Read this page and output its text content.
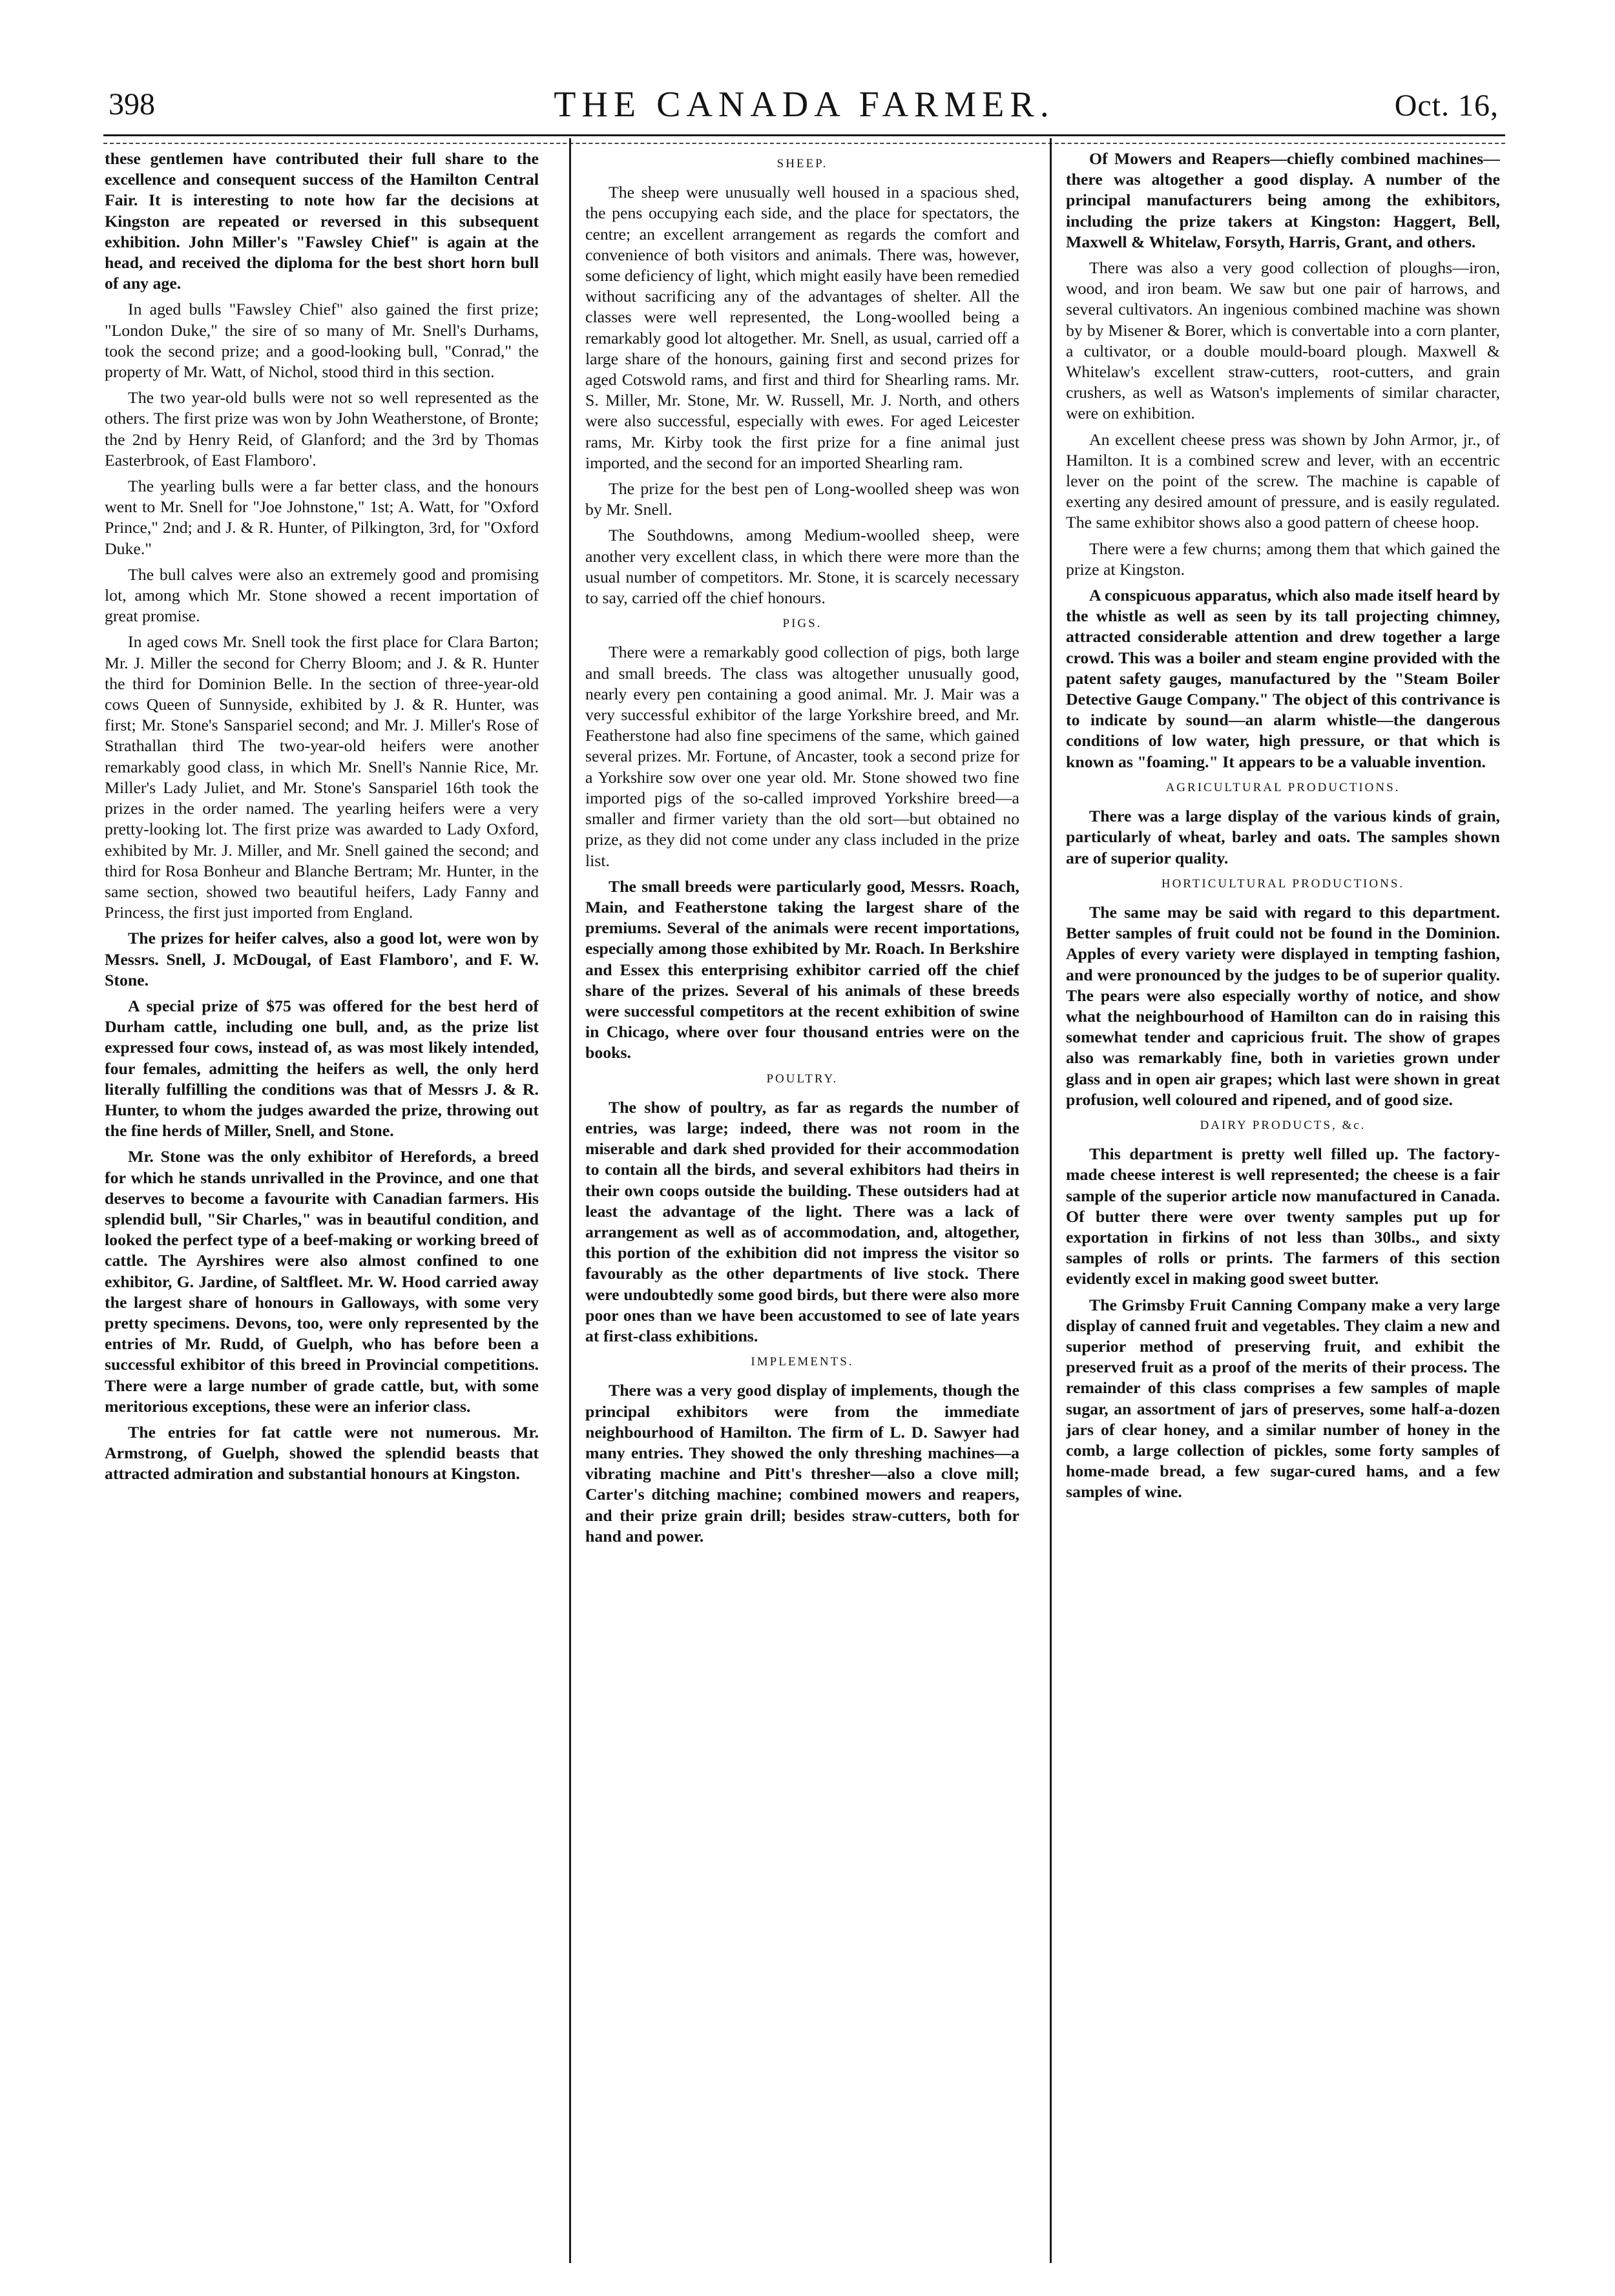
398	THE CANADA FARMER.	Oct. 16,

these gentlemen have contributed their full share to the excellence and consequent success of the Hamilton Central Fair. It is interesting to note how far the decisions at Kingston are repeated or reversed in this subsequent exhibition. John Miller's "Fawsley Chief" is again at the head, and received the diploma for the best short horn bull of any age.

In aged bulls "Fawsley Chief" also gained the first prize; "London Duke," the sire of so many of Mr. Snell's Durhams, took the second prize; and a good-looking bull, "Conrad," the property of Mr. Watt, of Nichol, stood third in this section.

The two year-old bulls were not so well represented as the others. The first prize was won by John Weatherstone, of Bronte; the 2nd by Henry Reid, of Glanford; and the 3rd by Thomas Easterbrook, of East Flamboro'.

The yearling bulls were a far better class, and the honours went to Mr. Snell for "Joe Johnstone," 1st; A. Watt, for "Oxford Prince," 2nd; and J. & R. Hunter, of Pilkington, 3rd, for "Oxford Duke."

The bull calves were also an extremely good and promising lot, among which Mr. Stone showed a recent importation of great promise.

In aged cows Mr. Snell took the first place for Clara Barton; Mr. J. Miller the second for Cherry Bloom; and J. & R. Hunter the third for Dominion Belle. In the section of three-year-old cows Queen of Sunnyside, exhibited by J. & R. Hunter, was first; Mr. Stone's Sanspariel second; and Mr. J. Miller's Rose of Strathallan third The two-year-old heifers were another remarkably good class, in which Mr. Snell's Nannie Rice, Mr. Miller's Lady Juliet, and Mr. Stone's Sanspariel 16th took the prizes in the order named. The yearling heifers were a very pretty-looking lot. The first prize was awarded to Lady Oxford, exhibited by Mr. J. Miller, and Mr. Snell gained the second; and third for Rosa Bonheur and Blanche Bertram; Mr. Hunter, in the same section, showed two beautiful heifers, Lady Fanny and Princess, the first just imported from England.

The prizes for heifer calves, also a good lot, were won by Messrs. Snell, J. McDougal, of East Flamboro', and F. W. Stone.

A special prize of $75 was offered for the best herd of Durham cattle, including one bull, and, as the prize list expressed four cows, instead of, as was most likely intended, four females, admitting the heifers as well, the only herd literally fulfilling the conditions was that of Messrs J. & R. Hunter, to whom the judges awarded the prize, throwing out the fine herds of Miller, Snell, and Stone.

Mr. Stone was the only exhibitor of Herefords, a breed for which he stands unrivalled in the Province, and one that deserves to become a favourite with Canadian farmers. His splendid bull, "Sir Charles," was in beautiful condition, and looked the perfect type of a beef-making or working breed of cattle. The Ayrshires were also almost confined to one exhibitor, G. Jardine, of Saltfleet. Mr. W. Hood carried away the largest share of honours in Galloways, with some very pretty specimens. Devons, too, were only represented by the entries of Mr. Rudd, of Guelph, who has before been a successful exhibitor of this breed in Provincial competitions. There were a large number of grade cattle, but, with some meritorious exceptions, these were an inferior class.

The entries for fat cattle were not numerous. Mr. Armstrong, of Guelph, showed the splendid beasts that attracted admiration and substantial honours at Kingston.

SHEEP.

The sheep were unusually well housed in a spacious shed, the pens occupying each side, and the place for spectators, the centre; an excellent arrangement as regards the comfort and convenience of both visitors and animals. There was, however, some deficiency of light, which might easily have been remedied without sacrificing any of the advantages of shelter. All the classes were well represented, the Long-woolled being a remarkably good lot altogether. Mr. Snell, as usual, carried off a large share of the honours, gaining first and second prizes for aged Cotswold rams, and first and third for Shearling rams. Mr. S. Miller, Mr. Stone, Mr. W. Russell, Mr. J. North, and others were also successful, especially with ewes. For aged Leicester rams, Mr. Kirby took the first prize for a fine animal just imported, and the second for an imported Shearling ram.

The prize for the best pen of Long-woolled sheep was won by Mr. Snell.

The Southdowns, among Medium-woolled sheep, were another very excellent class, in which there were more than the usual number of competitors. Mr. Stone, it is scarcely necessary to say, carried off the chief honours.

PIGS.

There were a remarkably good collection of pigs, both large and small breeds. The class was altogether unusually good, nearly every pen containing a good animal. Mr. J. Mair was a very successful exhibitor of the large Yorkshire breed, and Mr. Featherstone had also fine specimens of the same, which gained several prizes. Mr. Fortune, of Ancaster, took a second prize for a Yorkshire sow over one year old. Mr. Stone showed two fine imported pigs of the so-called improved Yorkshire breed—a smaller and firmer variety than the old sort—but obtained no prize, as they did not come under any class included in the prize list.

The small breeds were particularly good, Messrs. Roach, Main, and Featherstone taking the largest share of the premiums. Several of the animals were recent importations, especially among those exhibited by Mr. Roach. In Berkshire and Essex this enterprising exhibitor carried off the chief share of the prizes. Several of his animals of these breeds were successful competitors at the recent exhibition of swine in Chicago, where over four thousand entries were on the books.

POULTRY.

The show of poultry, as far as regards the number of entries, was large; indeed, there was not room in the miserable and dark shed provided for their accommodation to contain all the birds, and several exhibitors had theirs in their own coops outside the building. These outsiders had at least the advantage of the light. There was a lack of arrangement as well as of accommodation, and, altogether, this portion of the exhibition did not impress the visitor so favourably as the other departments of live stock. There were undoubtedly some good birds, but there were also more poor ones than we have been accustomed to see of late years at first-class exhibitions.

IMPLEMENTS.

There was a very good display of implements, though the principal exhibitors were from the immediate neighbourhood of Hamilton. The firm of L. D. Sawyer had many entries. They showed the only threshing machines—a vibrating machine and Pitt's thresher—also a clove mill; Carter's ditching machine; combined mowers and reapers, and their prize grain drill; besides straw-cutters, both for hand and power.

Of Mowers and Reapers—chiefly combined machines—there was altogether a good display. A number of the principal manufacturers being among the exhibitors, including the prize takers at Kingston: Haggert, Bell, Maxwell & Whitelaw, Forsyth, Harris, Grant, and others.

There was also a very good collection of ploughs—iron, wood, and iron beam. We saw but one pair of harrows, and several cultivators. An ingenious combined machine was shown by by Misener & Borer, which is convertable into a corn planter, a cultivator, or a double mould-board plough. Maxwell & Whitelaw's excellent straw-cutters, root-cutters, and grain crushers, as well as Watson's implements of similar character, were on exhibition.

An excellent cheese press was shown by John Armor, jr., of Hamilton. It is a combined screw and lever, with an eccentric lever on the point of the screw. The machine is capable of exerting any desired amount of pressure, and is easily regulated. The same exhibitor shows also a good pattern of cheese hoop.

There were a few churns; among them that which gained the prize at Kingston.

A conspicuous apparatus, which also made itself heard by the whistle as well as seen by its tall projecting chimney, attracted considerable attention and drew together a large crowd. This was a boiler and steam engine provided with the patent safety gauges, manufactured by the "Steam Boiler Detective Gauge Company." The object of this contrivance is to indicate by sound—an alarm whistle—the dangerous conditions of low water, high pressure, or that which is known as "foaming." It appears to be a valuable invention.

AGRICULTURAL PRODUCTIONS.

There was a large display of the various kinds of grain, particularly of wheat, barley and oats. The samples shown are of superior quality.

HORTICULTURAL PRODUCTIONS.

The same may be said with regard to this department. Better samples of fruit could not be found in the Dominion. Apples of every variety were displayed in tempting fashion, and were pronounced by the judges to be of superior quality. The pears were also especially worthy of notice, and show what the neighbourhood of Hamilton can do in raising this somewhat tender and capricious fruit. The show of grapes also was remarkably fine, both in varieties grown under glass and in open air grapes; which last were shown in great profusion, well coloured and ripened, and of good size.

DAIRY PRODUCTS, &c.

This department is pretty well filled up. The factory-made cheese interest is well represented; the cheese is a fair sample of the superior article now manufactured in Canada. Of butter there were over twenty samples put up for exportation in firkins of not less than 30lbs., and sixty samples of rolls or prints. The farmers of this section evidently excel in making good sweet butter.

The Grimsby Fruit Canning Company make a very large display of canned fruit and vegetables. They claim a new and superior method of preserving fruit, and exhibit the preserved fruit as a proof of the merits of their process. The remainder of this class comprises a few samples of maple sugar, an assortment of jars of preserves, some half-a-dozen jars of clear honey, and a similar number of honey in the comb, a large collection of pickles, some forty samples of home-made bread, a few sugar-cured hams, and a few samples of wine.
